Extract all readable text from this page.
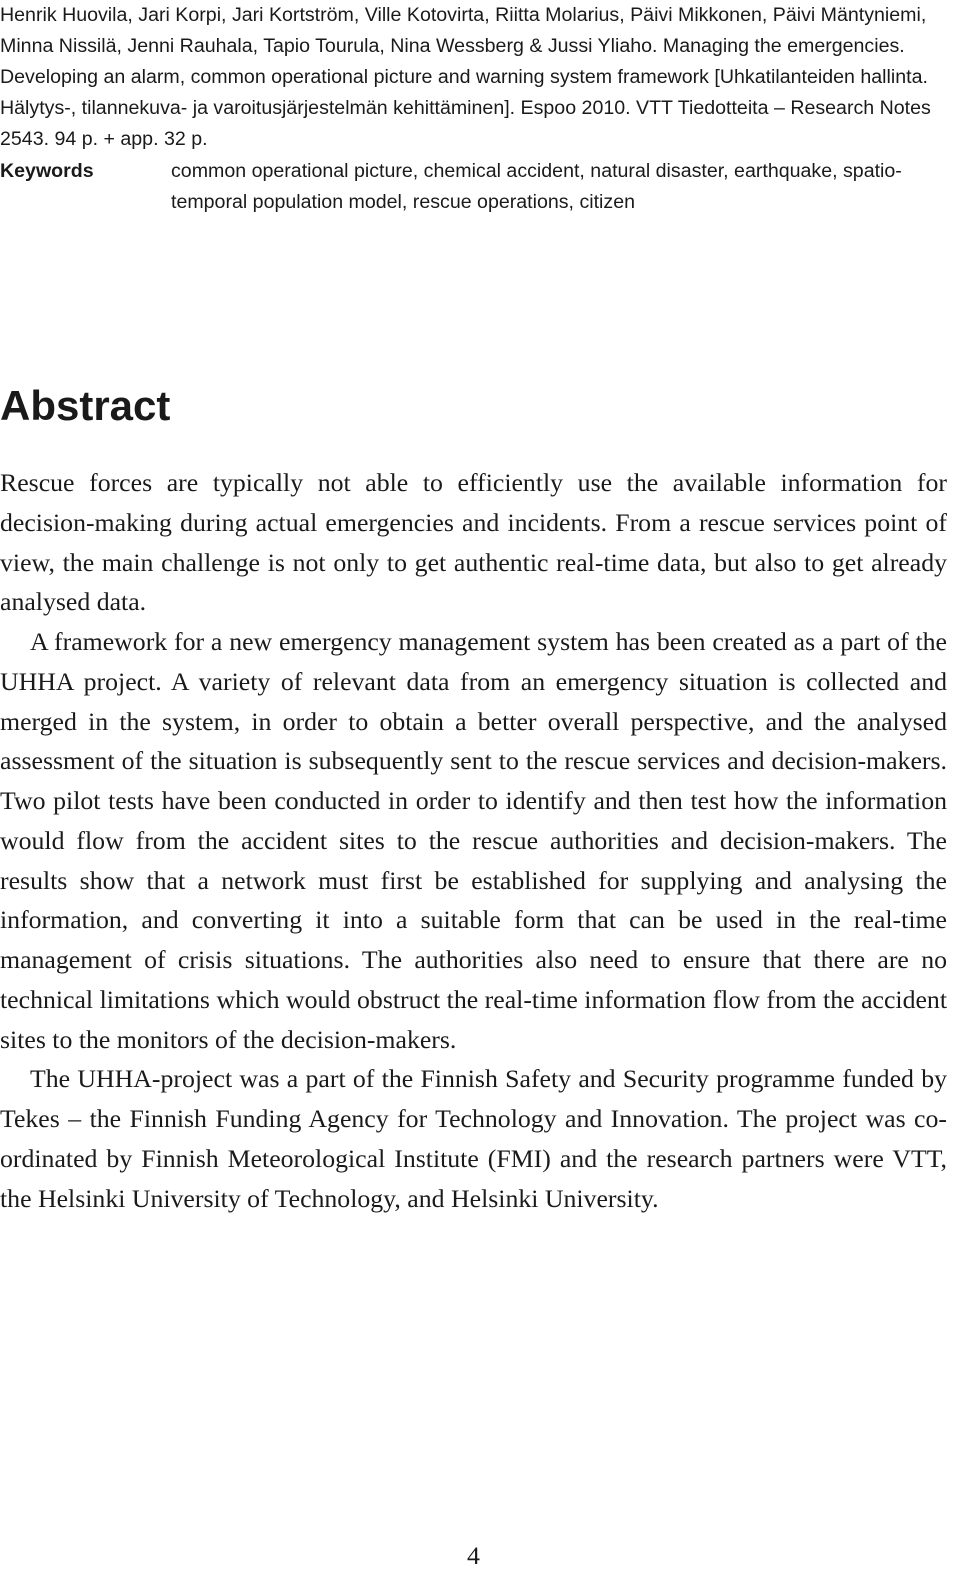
Henrik Huovila, Jari Korpi, Jari Kortström, Ville Kotovirta, Riitta Molarius, Päivi Mikkonen, Päivi Mäntyniemi, Minna Nissilä, Jenni Rauhala, Tapio Tourula, Nina Wessberg & Jussi Yliaho. Managing the emergencies. Developing an alarm, common operational picture and warning system framework [Uhkatilanteiden hallinta. Hälytys-, tilannekuva- ja varoitusjärjestelmän kehittäminen]. Espoo 2010. VTT Tiedotteita – Research Notes 2543. 94 p. + app. 32 p.

Keywords	common operational picture, chemical accident, natural disaster, earthquake, spatio-temporal population model, rescue operations, citizen

Abstract

Rescue forces are typically not able to efficiently use the available information for decision-making during actual emergencies and incidents. From a rescue services point of view, the main challenge is not only to get authentic real-time data, but also to get already analysed data.

A framework for a new emergency management system has been created as a part of the UHHA project. A variety of relevant data from an emergency situation is collected and merged in the system, in order to obtain a better overall perspective, and the analysed assessment of the situation is subsequently sent to the rescue services and decision-makers. Two pilot tests have been conducted in order to identify and then test how the information would flow from the accident sites to the rescue authorities and decision-makers. The results show that a network must first be established for supplying and analysing the information, and converting it into a suitable form that can be used in the real-time management of crisis situations. The authorities also need to ensure that there are no technical limitations which would obstruct the real-time information flow from the accident sites to the monitors of the decision-makers.

The UHHA-project was a part of the Finnish Safety and Security programme funded by Tekes – the Finnish Funding Agency for Technology and Innovation. The project was co-ordinated by Finnish Meteorological Institute (FMI) and the research partners were VTT, the Helsinki University of Technology, and Helsinki University.

4
